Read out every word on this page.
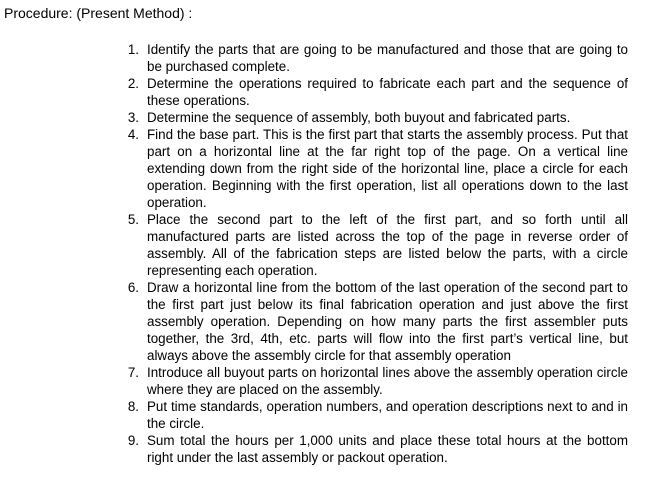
Procedure: (Present Method) :
1. Identify the parts that are going to be manufactured and those that are going to be purchased complete.
2. Determine the operations required to fabricate each part and the sequence of these operations.
3. Determine the sequence of assembly, both buyout and fabricated parts.
4. Find the base part. This is the first part that starts the assembly process. Put that part on a horizontal line at the far right top of the page. On a vertical line extending down from the right side of the horizontal line, place a circle for each operation. Beginning with the first operation, list all operations down to the last operation.
5. Place the second part to the left of the first part, and so forth until all manufactured parts are listed across the top of the page in reverse order of assembly. All of the fabrication steps are listed below the parts, with a circle representing each operation.
6. Draw a horizontal line from the bottom of the last operation of the second part to the first part just below its final fabrication operation and just above the first assembly operation. Depending on how many parts the first assembler puts together, the 3rd, 4th, etc. parts will flow into the first part’s vertical line, but always above the assembly circle for that assembly operation
7. Introduce all buyout parts on horizontal lines above the assembly operation circle where they are placed on the assembly.
8. Put time standards, operation numbers, and operation descriptions next to and in the circle.
9. Sum total the hours per 1,000 units and place these total hours at the bottom right under the last assembly or packout operation.
